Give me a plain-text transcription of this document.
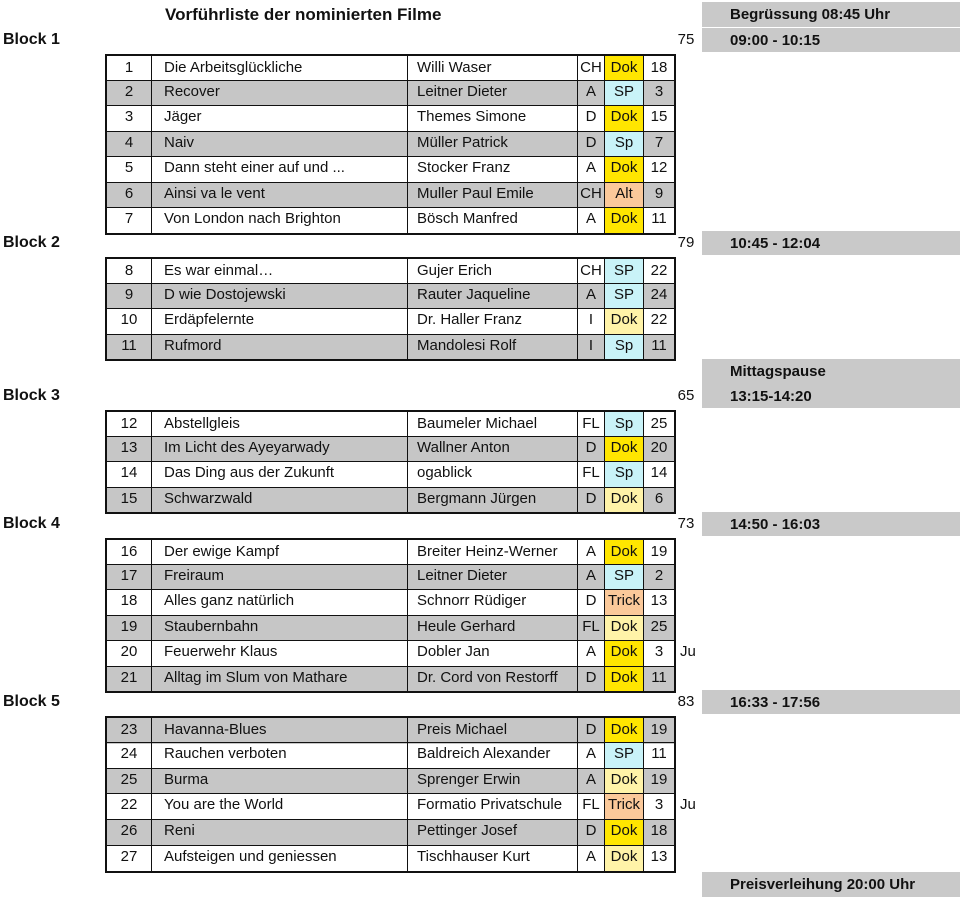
Vorführliste der nominierten Filme	Begrüssung 08:45 Uhr
Block 1	75	09:00 - 10:15
1	Die Arbeitsglückliche	Willi Waser	CH Dok 18
2	Recover	Leitner Dieter	A	SP	3
3	Jäger	Themes Simone	D Dok 15
4	Naiv	Müller Patrick	D	Sp	7
5	Dann steht einer auf und ...	Stocker Franz	A Dok 12
6	Ainsi va le vent	Muller Paul Emile	CH Alt	9
7	Von London nach Brighton	Bösch Manfred	A Dok 11
Block 2	79	10:45 - 12:04
8	Es war einmal…	Gujer Erich	CH SP	22
9	D wie Dostojewski	Rauter Jaqueline	A	SP	24
10	Erdäpfelernte	Dr. Haller Franz	I	Dok 22
11	Rufmord	Mandolesi Rolf	I	Sp	11
Block 3	65	13:15-14:20
12	Abstellgleis	Baumeler Michael	FL	Sp	25
13	Im Licht des Ayeyarwady	Wallner Anton	D Dok 20
14	Das Ding aus der Zukunft	ogablick	FL	Sp	14
15	Schwarzwald	Bergmann Jürgen	D Dok	6
Block 4	73	14:50 - 16:03
16	Der ewige Kampf	Breiter Heinz-Werner	A Dok 19
17	Freiraum	Leitner Dieter	A	SP	2
18	Alles ganz natürlich	Schnorr Rüdiger	D Trick 13
19	Staubernbahn	Heule Gerhard	FL Dok 25
20	Feuerwehr Klaus	Dobler Jan	A Dok	3	Ju
21	Alltag im Slum von Mathare	Dr. Cord von Restorff	D Dok 11
Block 5	83	16:33 - 17:56
23	Havanna-Blues	Preis Michael	D Dok 19
24	Rauchen verboten	Baldreich Alexander	A	SP	11
25	Burma	Sprenger Erwin	A Dok 19
22	You are the World	Formatio Privatschule	FL Trick 3	Ju
26	Reni	Pettinger Josef	D Dok 18
27	Aufsteigen und geniessen	Tischhauser Kurt	A Dok 13
Mittagspause
Preisverleihung 20:00 Uhr
